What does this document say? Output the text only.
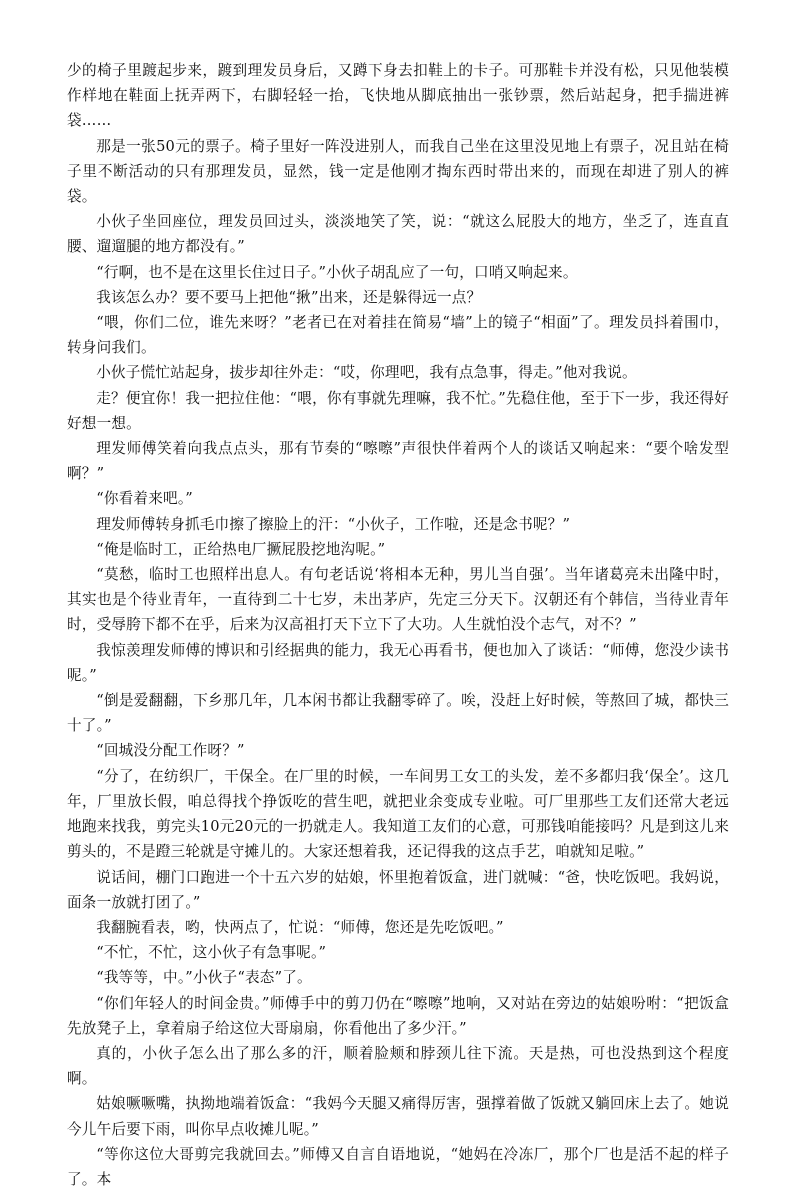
少的椅子里踱起步来，踱到理发员身后，又蹲下身去扣鞋上的卡子。可那鞋卡并没有松，只见他装模作样地在鞋面上抚弄两下，右脚轻轻一抬，飞快地从脚底抽出一张钞票，然后站起身，把手揣进裤袋……

那是一张50元的票子。椅子里好一阵没进别人，而我自己坐在这里没见地上有票子，况且站在椅子里不断活动的只有那理发员，显然，钱一定是他刚才掏东西时带出来的，而现在却进了别人的裤袋。

小伙子坐回座位，理发员回过头，淡淡地笑了笑，说：“就这么屁股大的地方，坐乏了，连直直腰、遛遛腿的地方都没有。”

“行啊，也不是在这里长住过日子。”小伙子胡乱应了一句，口哨又响起来。

我该怎么办？要不要马上把他“揪”出来，还是躲得远一点？

“喂，你们二位，谁先来呀？”老者已在对着挂在简易“墙”上的镜子“相面”了。理发员抖着围巾，转身问我们。

小伙子慌忙站起身，拔步却往外走：“哎，你理吧，我有点急事，得走。”他对我说。

走？便宜你！我一把拉住他：“喂，你有事就先理嘛，我不忙。”先稳住他，至于下一步，我还得好好想一想。

理发师傅笑着向我点点头，那有节奏的“嚓嚓”声很快伴着两个人的谈话又响起来：“要个啥发型啊？”

“你看着来吧。”

理发师傅转身抓毛巾擦了擦脸上的汗：“小伙子，工作啦，还是念书呢？”

“俺是临时工，正给热电厂撅屁股挖地沟呢。”

“莫愁，临时工也照样出息人。有句老话说‘将相本无种，男儿当自强’。当年诸葛亮未出隆中时，其实也是个待业青年，一直待到二十七岁，未出茅庐，先定三分天下。汉朝还有个韩信，当待业青年时，受辱胯下都不在乎，后来为汉高祖打天下立下了大功。人生就怕没个志气，对不？”

我惊羡理发师傅的博识和引经据典的能力，我无心再看书，便也加入了谈话：“师傅，您没少读书呢。”

“倒是爱翻翻，下乡那几年，几本闲书都让我翻零碎了。唉，没赶上好时候，等熬回了城，都快三十了。”

“回城没分配工作呀？”

“分了，在纺织厂，干保全。在厂里的时候，一车间男工女工的头发，差不多都归我‘保全’。这几年，厂里放长假，咱总得找个挣饭吃的营生吧，就把业余变成专业啦。可厂里那些工友们还常大老远地跑来找我，剪完头10元20元的一扔就走人。我知道工友们的心意，可那钱咱能接吗？凡是到这儿来剪头的，不是蹬三轮就是守摊儿的。大家还想着我，还记得我的这点手艺，咱就知足啦。”

说话间，棚门口跑进一个十五六岁的姑娘，怀里抱着饭盒，进门就喊：“爸，快吃饭吧。我妈说，面条一放就打团了。”

我翻腕看表，哟，快两点了，忙说：“师傅，您还是先吃饭吧。”

“不忙，不忙，这小伙子有急事呢。”

“我等等，中。”小伙子“表态”了。

“你们年轻人的时间金贵。”师傅手中的剪刀仍在“嚓嚓”地响，又对站在旁边的姑娘吩咐：“把饭盒先放凳子上，拿着扇子给这位大哥扇扇，你看他出了多少汗。”

真的，小伙子怎么出了那么多的汗，顺着脸颊和脖颈儿往下流。天是热，可也没热到这个程度啊。

姑娘噘噘嘴，执拗地端着饭盒：“我妈今天腿又痛得厉害，强撑着做了饭就又躺回床上去了。她说今儿午后要下雨，叫你早点收摊儿呢。”

“等你这位大哥剪完我就回去。”师傅又自言自语地说，“她妈在冷冻厂，那个厂也是活不起的样子了。本
